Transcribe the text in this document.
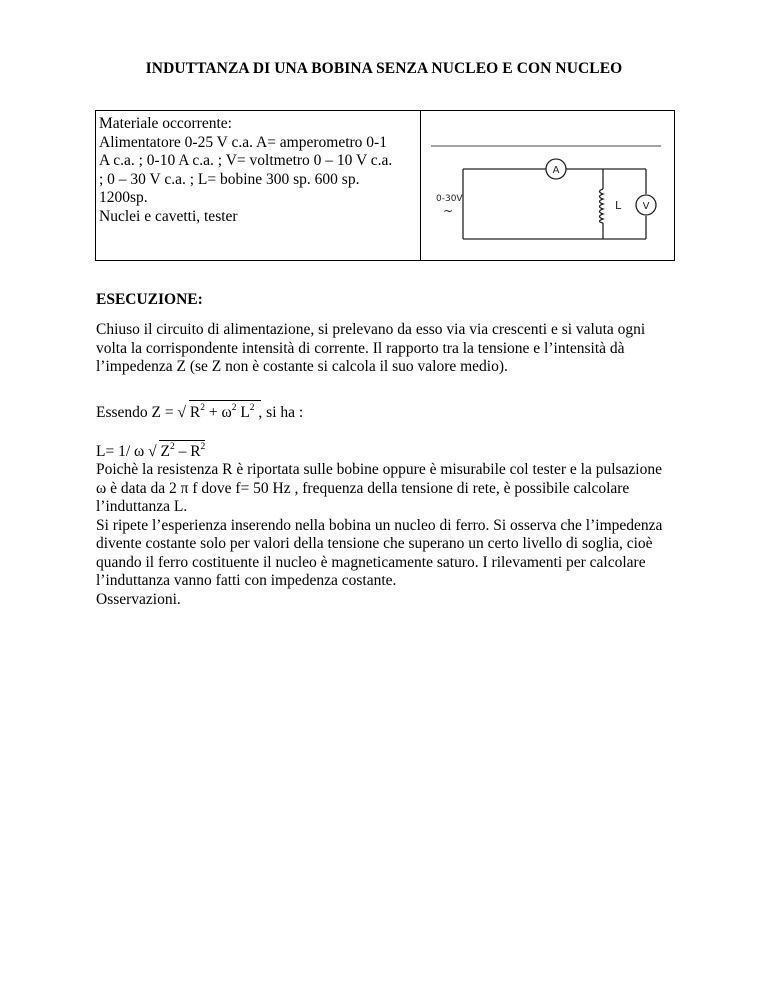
INDUTTANZA DI UNA BOBINA SENZA NUCLEO E CON NUCLEO

Materiale occorrente:

Alimentatore 0-25 V c.a. A= amperometro 0-1

A c.a. ; 0-10 A c.a. ; V= voltmetro 0 – 10 V c.a.

; 0 – 30 V c.a. ; L= bobine 300 sp. 600 sp.

1200sp.

Nuclei e cavetti, tester

A
L V
0-30V
~
ESECUZIONE:

Chiuso il circuito di alimentazione, si prelevano da esso via via crescenti e si valuta ogni volta la corrispondente intensità di corrente. Il rapporto tra la tensione e l’intensità dà l’impedenza Z (se Z non è costante si calcola il suo valore medio).

Essendo Z = √ $R^2 + \omega^2$ $L^2$ , si ha :
L= 1/ ω √ $Z^2 - R^2$

Poichè la resistenza R è riportata sulle bobine oppure è misurabile col tester e la pulsazione ω è data da 2 π f dove f= 50 Hz , frequenza della tensione di rete, è possibile calcolare l’induttanza L.

Si ripete l’esperienza inserendo nella bobina un nucleo di ferro. Si osserva che l’impedenza divente costante solo per valori della tensione che superano un certo livello di soglia, cioè quando il ferro costituente il nucleo è magneticamente saturo. I rilevamenti per calcolare l’induttanza vanno fatti con impedenza costante.

Osservazioni.
